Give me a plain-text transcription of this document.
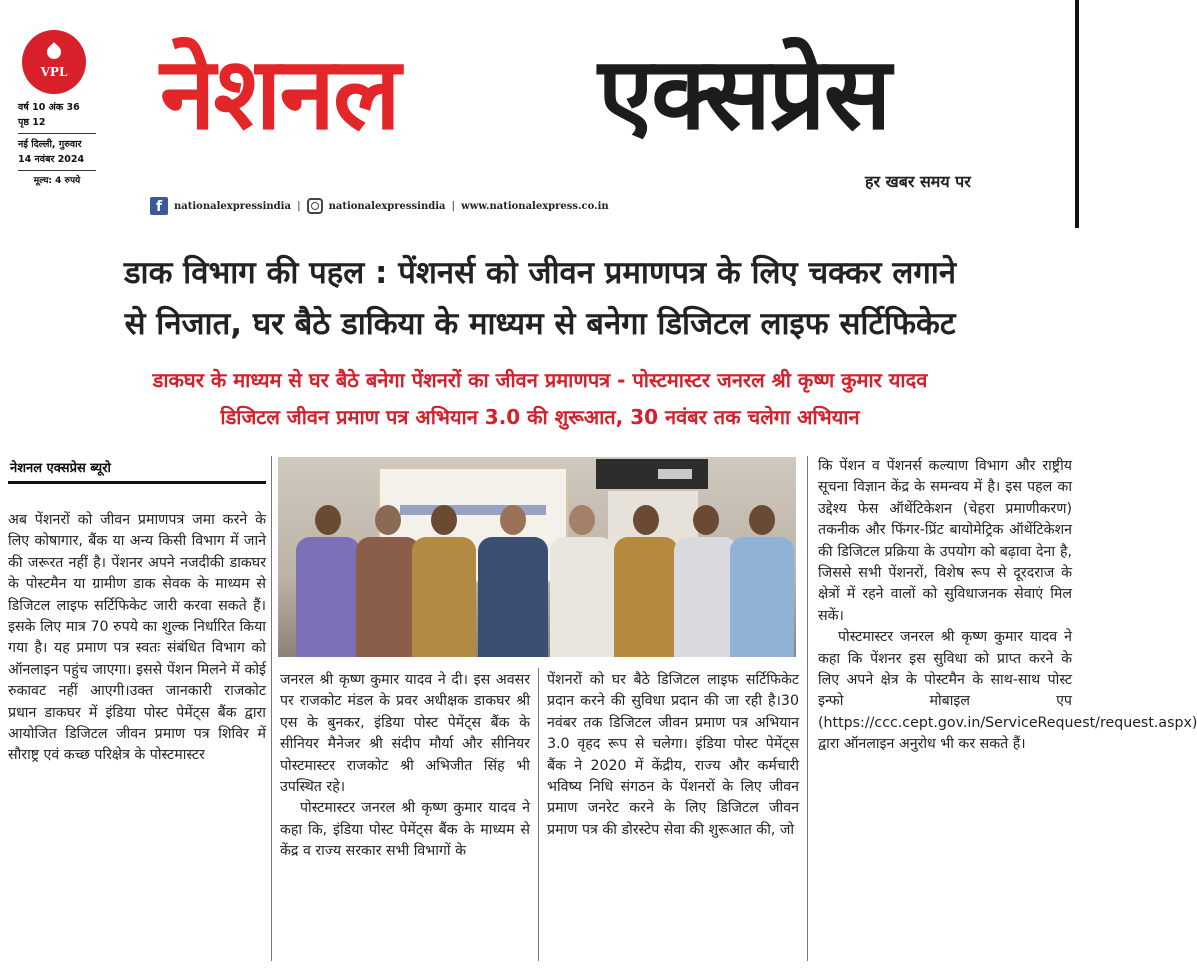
VPL
वर्ष 10 अंक 36
पृष्ठ 12
नई दिल्ली, गुरुवार
14 नवंबर 2024
मूल्य: 4 रुपये
नेशनल एक्सप्रेस
हर खबर समय पर
f	nationalexpressindia |	nationalexpressindia | www.nationalexpress.co.in
डाक विभाग की पहल : पेंशनर्स को जीवन प्रमाणपत्र के लिए चक्कर लगाने
से निजात, घर बैठे डाकिया के माध्यम से बनेगा डिजिटल लाइफ सर्टिफिकेट
डाकघर के माध्यम से घर बैठे बनेगा पेंशनरों का जीवन प्रमाणपत्र - पोस्टमास्टर जनरल श्री कृष्ण कुमार यादव
डिजिटल जीवन प्रमाण पत्र अभियान 3.0 की शुरूआत, 30 नवंबर तक चलेगा अभियान
नेशनल एक्सप्रेस ब्यूरो

अब पेंशनरों को जीवन प्रमाणपत्र जमा करने के लिए कोषागार, बैंक या अन्य किसी विभाग में जाने की जरूरत नहीं है। पेंशनर अपने नजदीकी डाकघर के पोस्टमैन या ग्रामीण डाक सेवक के माध्यम से डिजिटल लाइफ सर्टिफिकेट जारी करवा सकते हैं।इसके लिए मात्र 70 रुपये का शुल्क निर्धारित किया गया है। यह प्रमाण पत्र स्वतः संबंधित विभाग को ऑनलाइन पहुंच जाएगा। इससे पेंशन मिलने में कोई रुकावट नहीं आएगी।उक्त जानकारी राजकोट प्रधान डाकघर में इंडिया पोस्ट पेमेंट्स बैंक द्वारा आयोजित डिजिटल जीवन प्रमाण पत्र शिविर में सौराष्ट्र एवं कच्छ परिक्षेत्र के पोस्टमास्टर

जनरल श्री कृष्ण कुमार यादव ने दी। इस अवसर पर राजकोट मंडल के प्रवर अधीक्षक डाकघर श्री एस के बुनकर, इंडिया पोस्ट पेमेंट्स बैंक के सीनियर मैनेजर श्री संदीप मौर्या और सीनियर पोस्टमास्टर राजकोट श्री अभिजीत सिंह भी उपस्थित रहे।

पोस्टमास्टर जनरल श्री कृष्ण कुमार यादव ने कहा कि, इंडिया पोस्ट पेमेंट्स बैंक के माध्यम से केंद्र व राज्य सरकार सभी विभागों के

पेंशनरों को घर बैठे डिजिटल लाइफ सर्टिफिकेट प्रदान करने की सुविधा प्रदान की जा रही है।30 नवंबर तक डिजिटल जीवन प्रमाण पत्र अभियान 3.0 वृहद रूप से चलेगा। इंडिया पोस्ट पेमेंट्स बैंक ने 2020 में केंद्रीय, राज्य और कर्मचारी भविष्य निधि संगठन के पेंशनरों के लिए जीवन प्रमाण जनरेट करने के लिए डिजिटल जीवन प्रमाण पत्र की डोरस्टेप सेवा की शुरूआत की, जो

कि पेंशन व पेंशनर्स कल्याण विभाग और राष्ट्रीय सूचना विज्ञान केंद्र के समन्वय में है। इस पहल का उद्देश्य फेस ऑथेंटिकेशन (चेहरा प्रमाणीकरण) तकनीक और फिंगर-प्रिंट बायोमेट्रिक ऑथेंटिकेशन की डिजिटल प्रक्रिया के उपयोग को बढ़ावा देना है, जिससे सभी पेंशनरों, विशेष रूप से दूरदराज के क्षेत्रों में रहने वालों को सुविधाजनक सेवाएं मिल सकें।

पोस्टमास्टर जनरल श्री कृष्ण कुमार यादव ने कहा कि पेंशनर इस सुविधा को प्राप्त करने के लिए अपने क्षेत्र के पोस्टमैन के साथ-साथ पोस्ट इन्फो मोबाइल एप (https://ccc.cept.gov.in/ServiceRequest/request.aspx) द्वारा ऑनलाइन अनुरोध भी कर सकते हैं।
